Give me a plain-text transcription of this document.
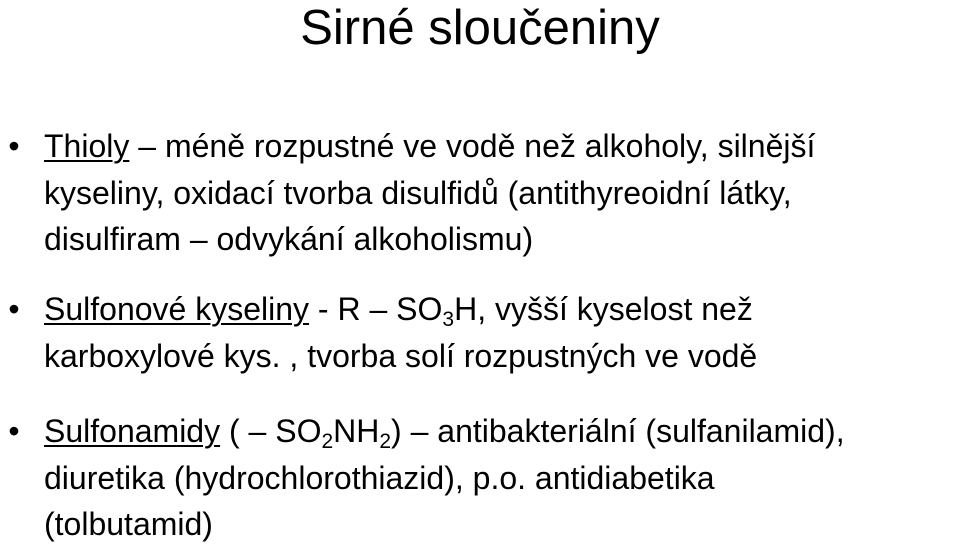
Sirné sloučeniny
• Thioly – méně rozpustné ve vodě než alkoholy, silnější
kyseliny, oxidací tvorba disulfidů (antithyreoidní látky,
disulfiram – odvykání alkoholismu)
• Sulfonové kyseliny - R – $SO_3H$, vyšší kyselost než
karboxylové kys. , tvorba solí rozpustných ve vodě
• Sulfonamidy ( – $SO_2NH_2$) – antibakteriální (sulfanilamid),
diuretika (hydrochlorothiazid), p.o. antidiabetika
(tolbutamid)
